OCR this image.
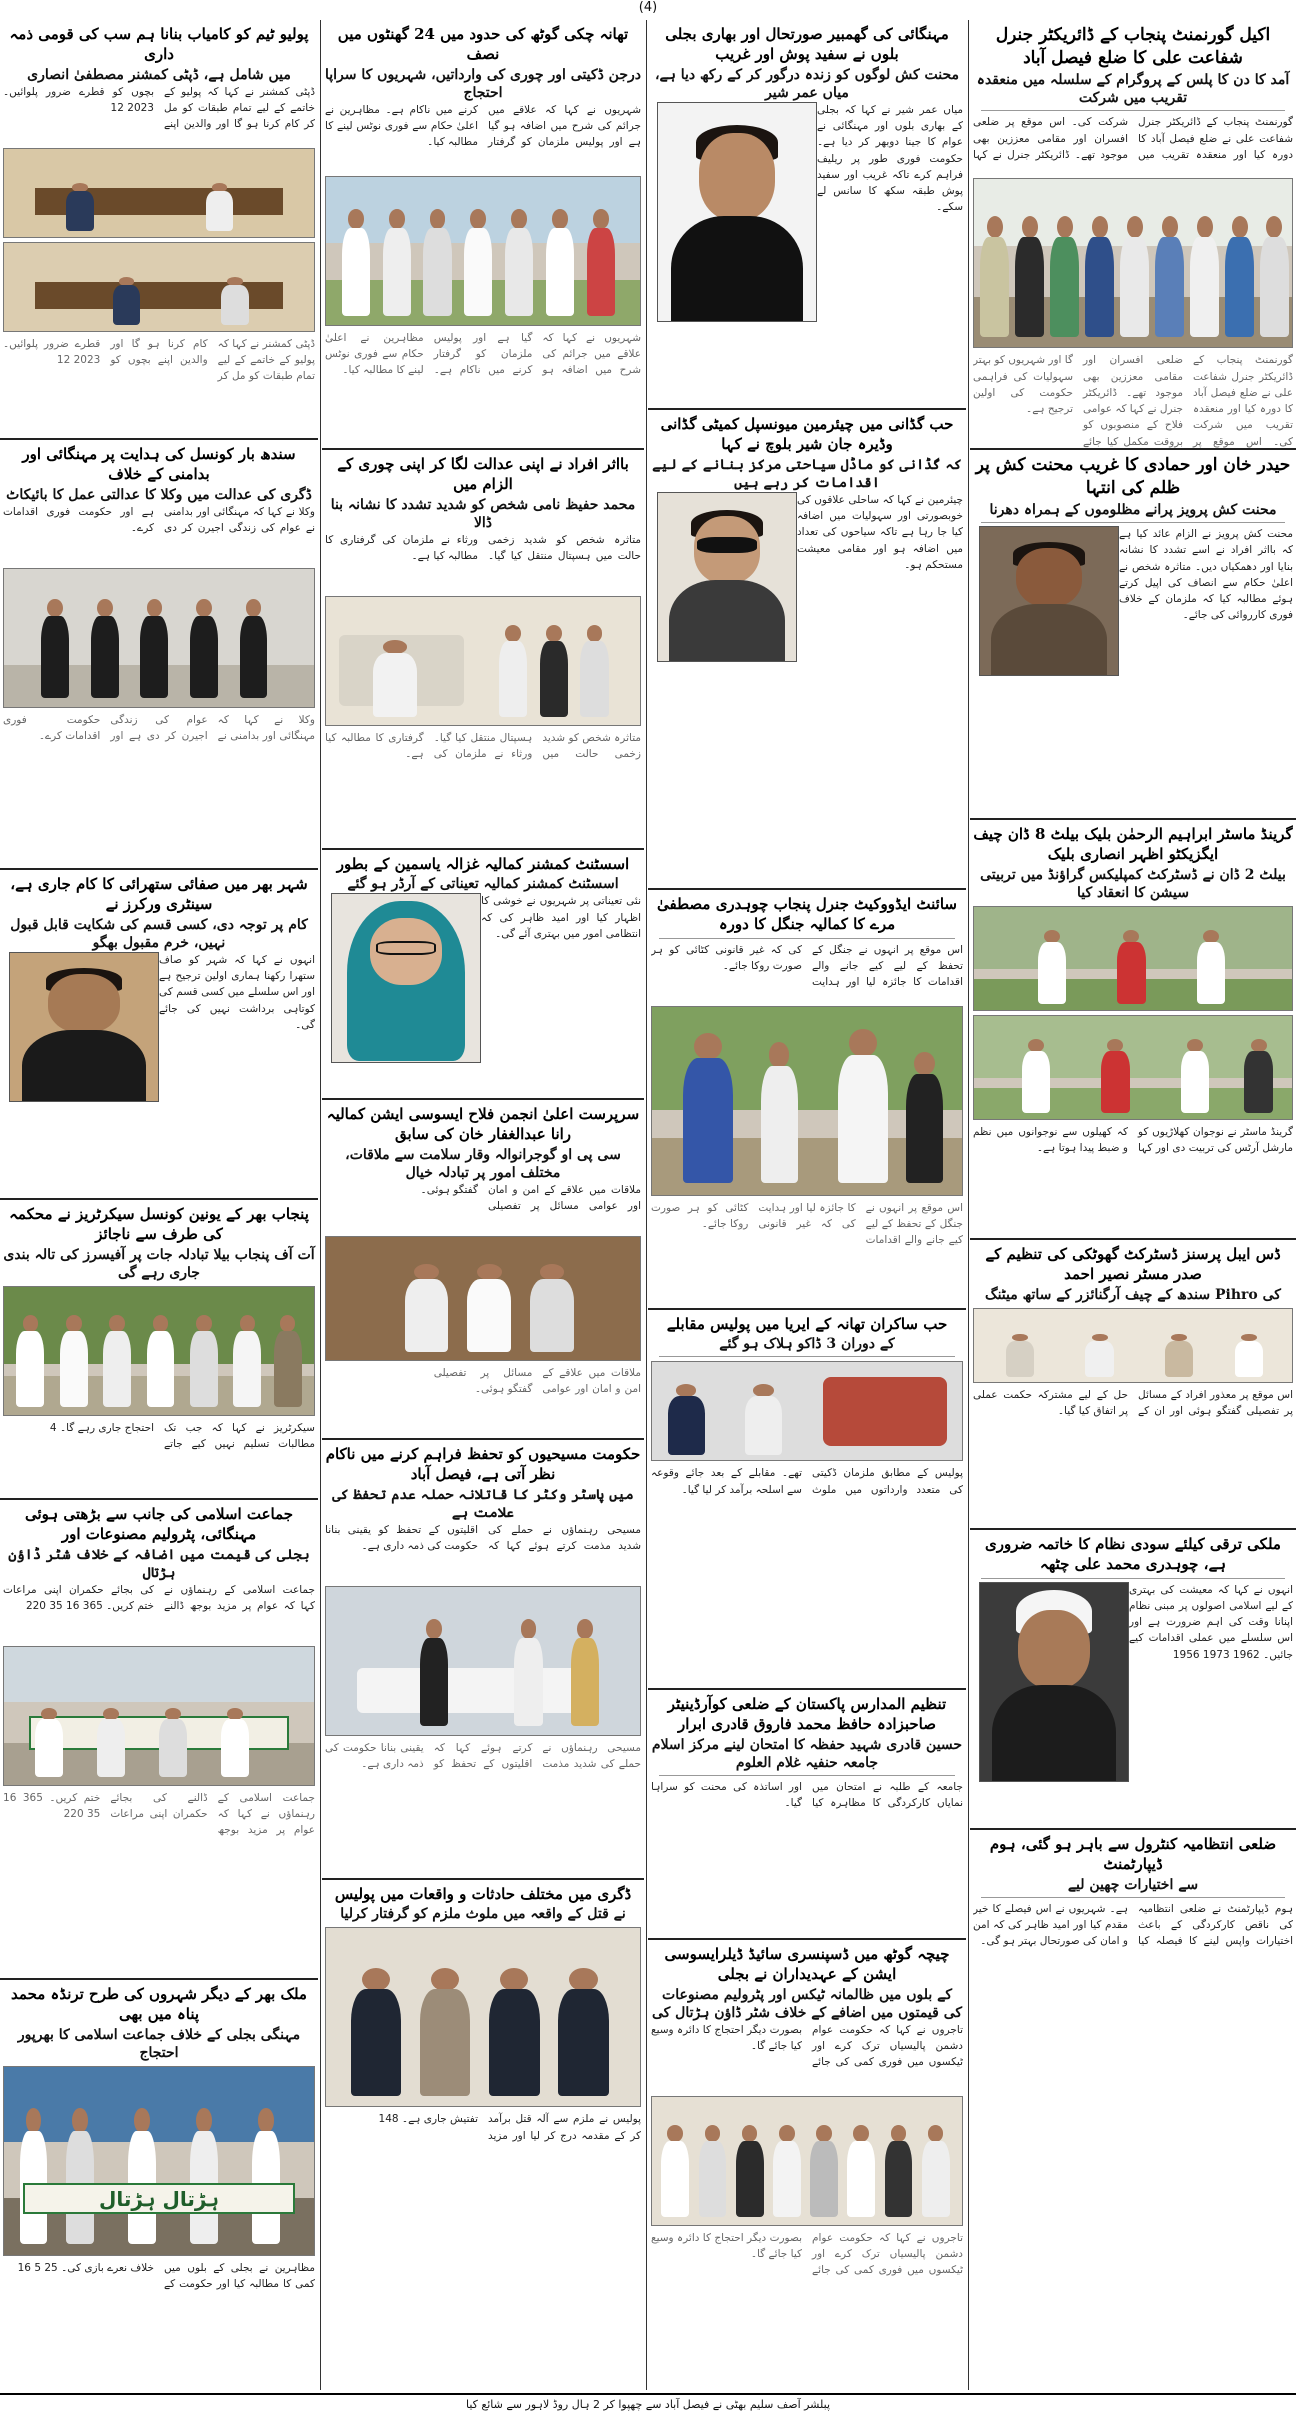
(4)
اکیل گورنمنٹ پنجاب کے ڈائریکٹر جنرل شفاعت علی کا ضلع فیصل آباد
آمد کا دن کا پلس کے پروگرام کے سلسلہ میں منعقدہ تقریب میں شرکت
گورنمنٹ پنجاب کے ڈائریکٹر جنرل شفاعت علی نے ضلع فیصل آباد کا دورہ کیا اور منعقدہ تقریب میں شرکت کی۔ اس موقع پر ضلعی افسران اور مقامی معززین بھی موجود تھے۔ ڈائریکٹر جنرل نے کہا
گورنمنٹ پنجاب کے ڈائریکٹر جنرل شفاعت علی نے ضلع فیصل آباد کا دورہ کیا اور منعقدہ تقریب میں شرکت کی۔ اس موقع پر ضلعی افسران اور مقامی معززین بھی موجود تھے۔ ڈائریکٹر جنرل نے کہا کہ عوامی فلاح کے منصوبوں کو بروقت مکمل کیا جائے گا اور شہریوں کو بہتر سہولیات کی فراہمی حکومت کی اولین ترجیح ہے۔
حیدر خان اور حمادی کا غریب محنت کش پر ظلم کی انتہا
محنت کش پرویز پرانے مظلوموں کے ہمراہ دھرنا
محنت کش پرویز نے الزام عائد کیا ہے کہ بااثر افراد نے اسے تشدد کا نشانہ بنایا اور دھمکیاں دیں۔ متاثرہ شخص نے اعلیٰ حکام سے انصاف کی اپیل کرتے ہوئے مطالبہ کیا کہ ملزمان کے خلاف فوری کارروائی کی جائے۔
گرینڈ ماسٹر ابراہیم الرحمٰن بلیک بیلٹ 8 ڈان چیف ایگزیکٹو اظہر انصاری بلیک
بیلٹ 2 ڈان نے ڈسٹرکٹ کمپلیکس گراؤنڈ میں تربیتی سیشن کا انعقاد کیا
گرینڈ ماسٹر نے نوجوان کھلاڑیوں کو مارشل آرٹس کی تربیت دی اور کہا کہ کھیلوں سے نوجوانوں میں نظم و ضبط پیدا ہوتا ہے۔
ڈس ایبل پرسنز ڈسٹرکٹ گھوٹکی کی تنظیم کے صدر مسٹر نصیر احمد
کی Pihro سندھ کے چیف آرگنائزر کے ساتھ میٹنگ
اس موقع پر معذور افراد کے مسائل پر تفصیلی گفتگو ہوئی اور ان کے حل کے لیے مشترکہ حکمت عملی پر اتفاق کیا گیا۔
ملکی ترقی کیلئے سودی نظام کا خاتمہ ضروری ہے، چوہدری محمد علی چٹھہ
انہوں نے کہا کہ معیشت کی بہتری کے لیے اسلامی اصولوں پر مبنی نظام اپنانا وقت کی اہم ضرورت ہے اور اس سلسلے میں عملی اقدامات کیے جائیں۔ 1962 1973 1956
ضلعی انتظامیہ کنٹرول سے باہر ہو گئی، ہوم ڈیپارٹمنٹ
سے اختیارات چھین لیے
ہوم ڈیپارٹمنٹ نے ضلعی انتظامیہ کی ناقص کارکردگی کے باعث اختیارات واپس لینے کا فیصلہ کیا ہے۔ شہریوں نے اس فیصلے کا خیر مقدم کیا اور امید ظاہر کی کہ امن و امان کی صورتحال بہتر ہو گی۔
مہنگائی کی گھمبیر صورتحال اور بھاری بجلی بلوں نے سفید پوش اور غریب
محنت کش لوگوں کو زندہ درگور کر کے رکھ دیا ہے، میاں عمر شیر
میاں عمر شیر نے کہا کہ بجلی کے بھاری بلوں اور مہنگائی نے عوام کا جینا دوبھر کر دیا ہے۔ حکومت فوری طور پر ریلیف فراہم کرے تاکہ غریب اور سفید پوش طبقہ سکھ کا سانس لے سکے۔
حب گڈانی میں چیئرمین میونسپل کمیٹی گڈانی وڈیرہ جان شیر بلوچ نے کہا
کہ گڈانی کو ماڈل سیاحتی مرکز بنانے کے لیے اقدامات کر رہے ہیں
چیئرمین نے کہا کہ ساحلی علاقوں کی خوبصورتی اور سہولیات میں اضافہ کیا جا رہا ہے تاکہ سیاحوں کی تعداد میں اضافہ ہو اور مقامی معیشت مستحکم ہو۔
سائنٹ ایڈووکیٹ جنرل پنجاب چوہدری مصطفیٰ مرے کا کمالیہ جنگل کا دورہ
اس موقع پر انہوں نے جنگل کے تحفظ کے لیے کیے جانے والے اقدامات کا جائزہ لیا اور ہدایت کی کہ غیر قانونی کٹائی کو ہر صورت روکا جائے۔
اس موقع پر انہوں نے جنگل کے تحفظ کے لیے کیے جانے والے اقدامات کا جائزہ لیا اور ہدایت کی کہ غیر قانونی کٹائی کو ہر صورت روکا جائے۔
حب ساکران تھانہ کے ایریا میں پولیس مقابلے
کے دوران 3 ڈاکو ہلاک ہو گئے
پولیس کے مطابق ملزمان ڈکیتی کی متعدد وارداتوں میں ملوث تھے۔ مقابلے کے بعد جائے وقوعہ سے اسلحہ برآمد کر لیا گیا۔
تنظیم المدارس پاکستان کے ضلعی کوآرڈینیٹر صاحبزادہ حافظ محمد فاروق قادری ابرار
حسین قادری شہید حفظہ کا امتحان لینے مرکز اسلام جامعہ حنفیہ غلام العلوم
جامعہ کے طلبہ نے امتحان میں نمایاں کارکردگی کا مظاہرہ کیا اور اساتذہ کی محنت کو سراہا گیا۔
چیچہ گوٹھ میں ڈسپنسری سائیڈ ڈیلرایسوسی ایشن کے عہدیداران نے بجلی
کے بلوں میں ظالمانہ ٹیکس اور پٹرولیم مصنوعات کی قیمتوں میں اضافے کے خلاف شٹر ڈاؤن ہڑتال کی
تاجروں نے کہا کہ حکومت عوام دشمن پالیسیاں ترک کرے اور ٹیکسوں میں فوری کمی کی جائے بصورت دیگر احتجاج کا دائرہ وسیع کیا جائے گا۔
تاجروں نے کہا کہ حکومت عوام دشمن پالیسیاں ترک کرے اور ٹیکسوں میں فوری کمی کی جائے بصورت دیگر احتجاج کا دائرہ وسیع کیا جائے گا۔
تھانہ چکی گوٹھ کی حدود میں 24 گھنٹوں میں نصف
درجن ڈکیتی اور چوری کی وارداتیں، شہریوں کا سراپا احتجاج
شہریوں نے کہا کہ علاقے میں جرائم کی شرح میں اضافہ ہو گیا ہے اور پولیس ملزمان کو گرفتار کرنے میں ناکام ہے۔ مظاہرین نے اعلیٰ حکام سے فوری نوٹس لینے کا مطالبہ کیا۔
شہریوں نے کہا کہ علاقے میں جرائم کی شرح میں اضافہ ہو گیا ہے اور پولیس ملزمان کو گرفتار کرنے میں ناکام ہے۔ مظاہرین نے اعلیٰ حکام سے فوری نوٹس لینے کا مطالبہ کیا۔
بااثر افراد نے اپنی عدالت لگا کر اپنی چوری کے الزام میں
محمد حفیظ نامی شخص کو شدید تشدد کا نشانہ بنا ڈالا
متاثرہ شخص کو شدید زخمی حالت میں ہسپتال منتقل کیا گیا۔ ورثاء نے ملزمان کی گرفتاری کا مطالبہ کیا ہے۔
متاثرہ شخص کو شدید زخمی حالت میں ہسپتال منتقل کیا گیا۔ ورثاء نے ملزمان کی گرفتاری کا مطالبہ کیا ہے۔
اسسٹنٹ کمشنر کمالیہ غزالہ یاسمین کے بطور
اسسٹنٹ کمشنر کمالیہ تعیناتی کے آرڈر ہو گئے
نئی تعیناتی پر شہریوں نے خوشی کا اظہار کیا اور امید ظاہر کی کہ انتظامی امور میں بہتری آئے گی۔
سرپرست اعلیٰ انجمن فلاح ایسوسی ایشن کمالیہ رانا عبدالغفار خان کی سابق
سی پی او گوجرانوالہ وقار سلامت سے ملاقات، مختلف امور پر تبادلہ خیال
ملاقات میں علاقے کے امن و امان اور عوامی مسائل پر تفصیلی گفتگو ہوئی۔
ملاقات میں علاقے کے امن و امان اور عوامی مسائل پر تفصیلی گفتگو ہوئی۔
حکومت مسیحیوں کو تحفظ فراہم کرنے میں ناکام نظر آتی ہے، فیصل آباد
میں پاسٹر وکٹر کا قاتلانہ حملہ عدم تحفظ کی علامت ہے
مسیحی رہنماؤں نے حملے کی شدید مذمت کرتے ہوئے کہا کہ اقلیتوں کے تحفظ کو یقینی بنانا حکومت کی ذمہ داری ہے۔
مسیحی رہنماؤں نے حملے کی شدید مذمت کرتے ہوئے کہا کہ اقلیتوں کے تحفظ کو یقینی بنانا حکومت کی ذمہ داری ہے۔
ڈگری میں مختلف حادثات و واقعات میں پولیس
نے قتل کے واقعہ میں ملوث ملزم کو گرفتار کرلیا
پولیس نے ملزم سے آلہ قتل برآمد کر کے مقدمہ درج کر لیا اور مزید تفتیش جاری ہے۔ 148
پولیو ٹیم کو کامیاب بنانا ہم سب کی قومی ذمہ داری
میں شامل ہے، ڈپٹی کمشنر مصطفیٰ انصاری
ڈپٹی کمشنر نے کہا کہ پولیو کے خاتمے کے لیے تمام طبقات کو مل کر کام کرنا ہو گا اور والدین اپنے بچوں کو قطرے ضرور پلوائیں۔ 2023 12
ڈپٹی کمشنر نے کہا کہ پولیو کے خاتمے کے لیے تمام طبقات کو مل کر کام کرنا ہو گا اور والدین اپنے بچوں کو قطرے ضرور پلوائیں۔ 2023 12
سندھ بار کونسل کی ہدایت پر مہنگائی اور بدامنی کے خلاف
ڈگری کی عدالت میں وکلا کا عدالتی عمل کا بائیکاٹ
وکلا نے کہا کہ مہنگائی اور بدامنی نے عوام کی زندگی اجیرن کر دی ہے اور حکومت فوری اقدامات کرے۔
وکلا نے کہا کہ مہنگائی اور بدامنی نے عوام کی زندگی اجیرن کر دی ہے اور حکومت فوری اقدامات کرے۔
شہر بھر میں صفائی ستھرائی کا کام جاری ہے، سینٹری ورکرز نے
کام پر توجہ دی، کسی قسم کی شکایت قابل قبول نہیں، خرم مقبول بھگو
انہوں نے کہا کہ شہر کو صاف ستھرا رکھنا ہماری اولین ترجیح ہے اور اس سلسلے میں کسی قسم کی کوتاہی برداشت نہیں کی جائے گی۔
پنجاب بھر کے یونین کونسل سیکرٹریز نے محکمہ کی طرف سے ناجائز
آت آف پنجاب بیلا تبادلہ جات پر آفیسرز کی تالہ بندی جاری رہے گی
سیکرٹریز نے کہا کہ جب تک مطالبات تسلیم نہیں کیے جاتے احتجاج جاری رہے گا۔ 4
جماعت اسلامی کی جانب سے بڑھتی ہوئی مہنگائی، پٹرولیم مصنوعات اور
بجلی کی قیمت میں اضافہ کے خلاف شٹر ڈاؤن ہڑتال
جماعت اسلامی کے رہنماؤں نے کہا کہ عوام پر مزید بوجھ ڈالنے کی بجائے حکمران اپنی مراعات ختم کریں۔ 365 16 35 220
جماعت اسلامی کے رہنماؤں نے کہا کہ عوام پر مزید بوجھ ڈالنے کی بجائے حکمران اپنی مراعات ختم کریں۔ 365 16 35 220
ملک بھر کے دیگر شہروں کی طرح ترنڈہ محمد پناہ میں بھی
مہنگی بجلی کے خلاف جماعت اسلامی کا بھرپور احتجاج
ہڑتال ہڑتال
مظاہرین نے بجلی کے بلوں میں کمی کا مطالبہ کیا اور حکومت کے خلاف نعرے بازی کی۔ 25 5 16
پبلشر آصف سلیم بھٹی نے فیصل آباد سے چھپوا کر 2 ہال روڈ لاہور سے شائع کیا
